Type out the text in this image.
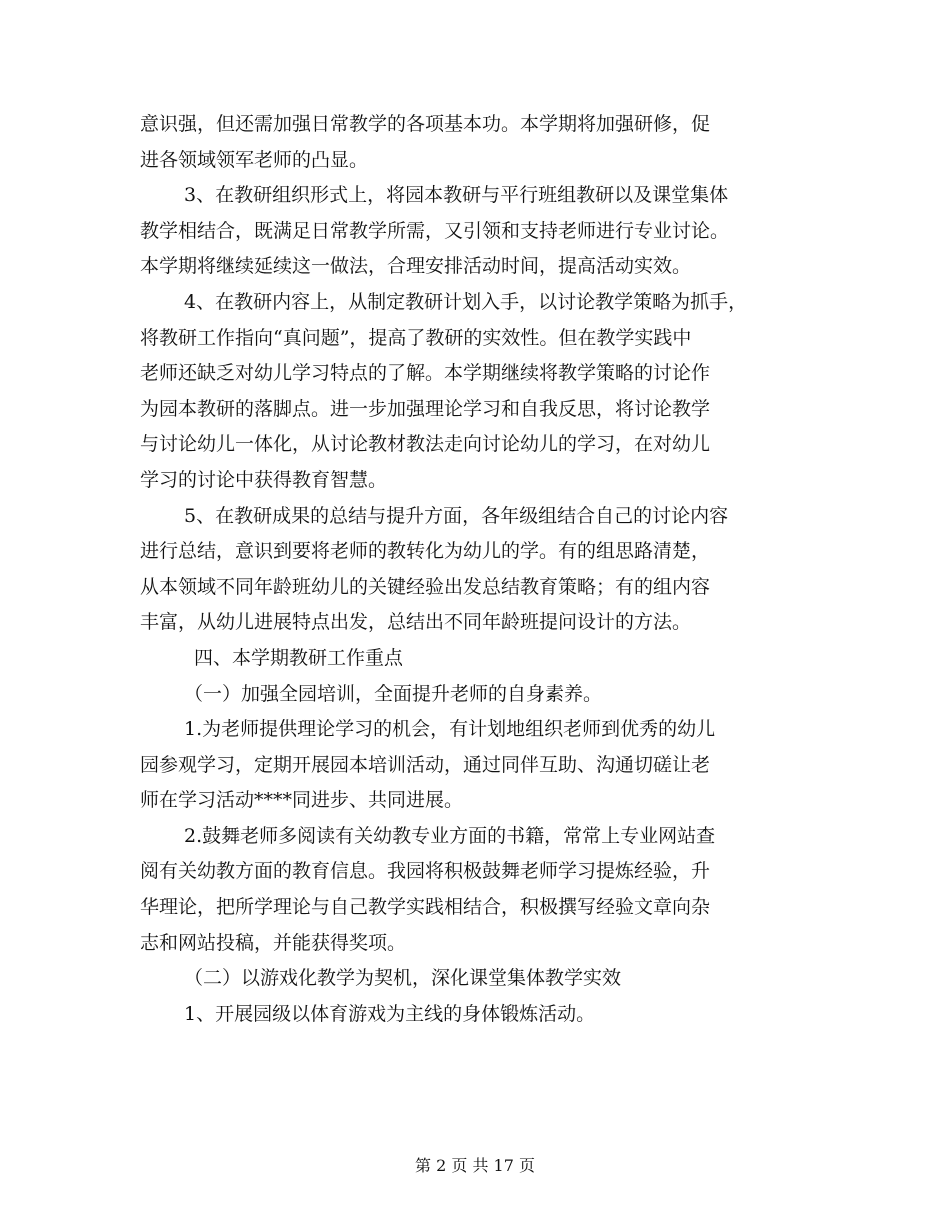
意识强，但还需加强日常教学的各项基本功。本学期将加强研修，促
进各领域领军老师的凸显。
3、在教研组织形式上，将园本教研与平行班组教研以及课堂集体
教学相结合，既满足日常教学所需，又引领和支持老师进行专业讨论。
本学期将继续延续这一做法，合理安排活动时间，提高活动实效。
4、在教研内容上，从制定教研计划入手，以讨论教学策略为抓手，
将教研工作指向“真问题”，提高了教研的实效性。但在教学实践中
老师还缺乏对幼儿学习特点的了解。本学期继续将教学策略的讨论作
为园本教研的落脚点。进一步加强理论学习和自我反思，将讨论教学
与讨论幼儿一体化，从讨论教材教法走向讨论幼儿的学习，在对幼儿
学习的讨论中获得教育智慧。
5、在教研成果的总结与提升方面，各年级组结合自己的讨论内容
进行总结，意识到要将老师的教转化为幼儿的学。有的组思路清楚，
从本领域不同年龄班幼儿的关键经验出发总结教育策略；有的组内容
丰富，从幼儿进展特点出发，总结出不同年龄班提问设计的方法。
四、本学期教研工作重点
（一）加强全园培训，全面提升老师的自身素养。
1.为老师提供理论学习的机会，有计划地组织老师到优秀的幼儿
园参观学习，定期开展园本培训活动，通过同伴互助、沟通切磋让老
师在学习活动****同进步、共同进展。
2.鼓舞老师多阅读有关幼教专业方面的书籍，常常上专业网站查
阅有关幼教方面的教育信息。我园将积极鼓舞老师学习提炼经验，升
华理论，把所学理论与自己教学实践相结合，积极撰写经验文章向杂
志和网站投稿，并能获得奖项。
（二）以游戏化教学为契机，深化课堂集体教学实效
1、开展园级以体育游戏为主线的身体锻炼活动。
第 2 页 共 17 页
